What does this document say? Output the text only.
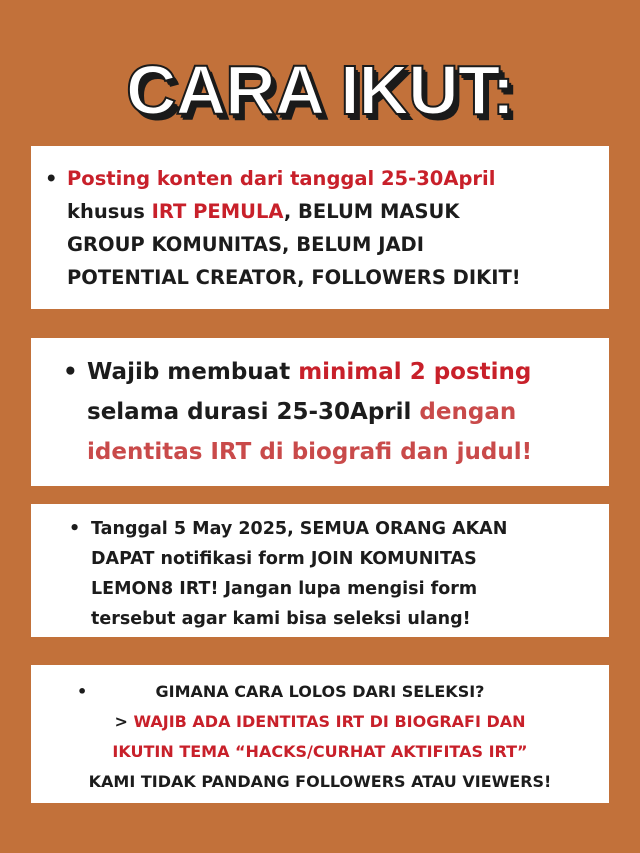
CARA IKUT:
• Posting konten dari tanggal 25-30April
khusus IRT PEMULA, BELUM MASUK
GROUP KOMUNITAS, BELUM JADI
POTENTIAL CREATOR, FOLLOWERS DIKIT!
• Wajib membuat minimal 2 posting
selama durasi 25-30April dengan
identitas IRT di biografi dan judul!
• Tanggal 5 May 2025, SEMUA ORANG AKAN
DAPAT notifikasi form JOIN KOMUNITAS
LEMON8 IRT! Jangan lupa mengisi form
tersebut agar kami bisa seleksi ulang!
•	GIMANA CARA LOLOS DARI SELEKSI?
> WAJIB ADA IDENTITAS IRT DI BIOGRAFI DAN
IKUTIN TEMA “HACKS/CURHAT AKTIFITAS IRT”
KAMI TIDAK PANDANG FOLLOWERS ATAU VIEWERS!
